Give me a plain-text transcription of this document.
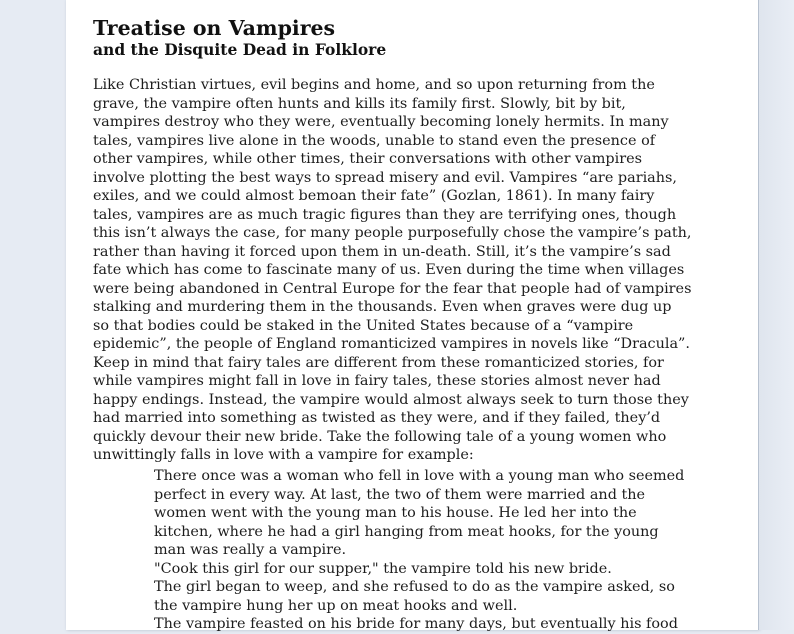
Treatise on Vampires
and the Disquite Dead in Folklore

Like Christian virtues, evil begins and home, and so upon returning from the
grave, the vampire often hunts and kills its family first. Slowly, bit by bit,
vampires destroy who they were, eventually becoming lonely hermits. In many
tales, vampires live alone in the woods, unable to stand even the presence of
other vampires, while other times, their conversations with other vampires
involve plotting the best ways to spread misery and evil. Vampires “are pariahs,
exiles, and we could almost bemoan their fate” (Gozlan, 1861). In many fairy
tales, vampires are as much tragic figures than they are terrifying ones, though
this isn’t always the case, for many people purposefully chose the vampire’s path,
rather than having it forced upon them in un-death. Still, it’s the vampire’s sad
fate which has come to fascinate many of us. Even during the time when villages
were being abandoned in Central Europe for the fear that people had of vampires
stalking and murdering them in the thousands. Even when graves were dug up
so that bodies could be staked in the United States because of a “vampire
epidemic”, the people of England romanticized vampires in novels like “Dracula”.
Keep in mind that fairy tales are different from these romanticized stories, for
while vampires might fall in love in fairy tales, these stories almost never had
happy endings. Instead, the vampire would almost always seek to turn those they
had married into something as twisted as they were, and if they failed, they’d
quickly devour their new bride. Take the following tale of a young women who
unwittingly falls in love with a vampire for example:

There once was a woman who fell in love with a young man who seemed
perfect in every way. At last, the two of them were married and the
women went with the young man to his house. He led her into the
kitchen, where he had a girl hanging from meat hooks, for the young
man was really a vampire.
"Cook this girl for our supper," the vampire told his new bride.
The girl began to weep, and she refused to do as the vampire asked, so
the vampire hung her up on meat hooks and well.
The vampire feasted on his bride for many days, but eventually his food
